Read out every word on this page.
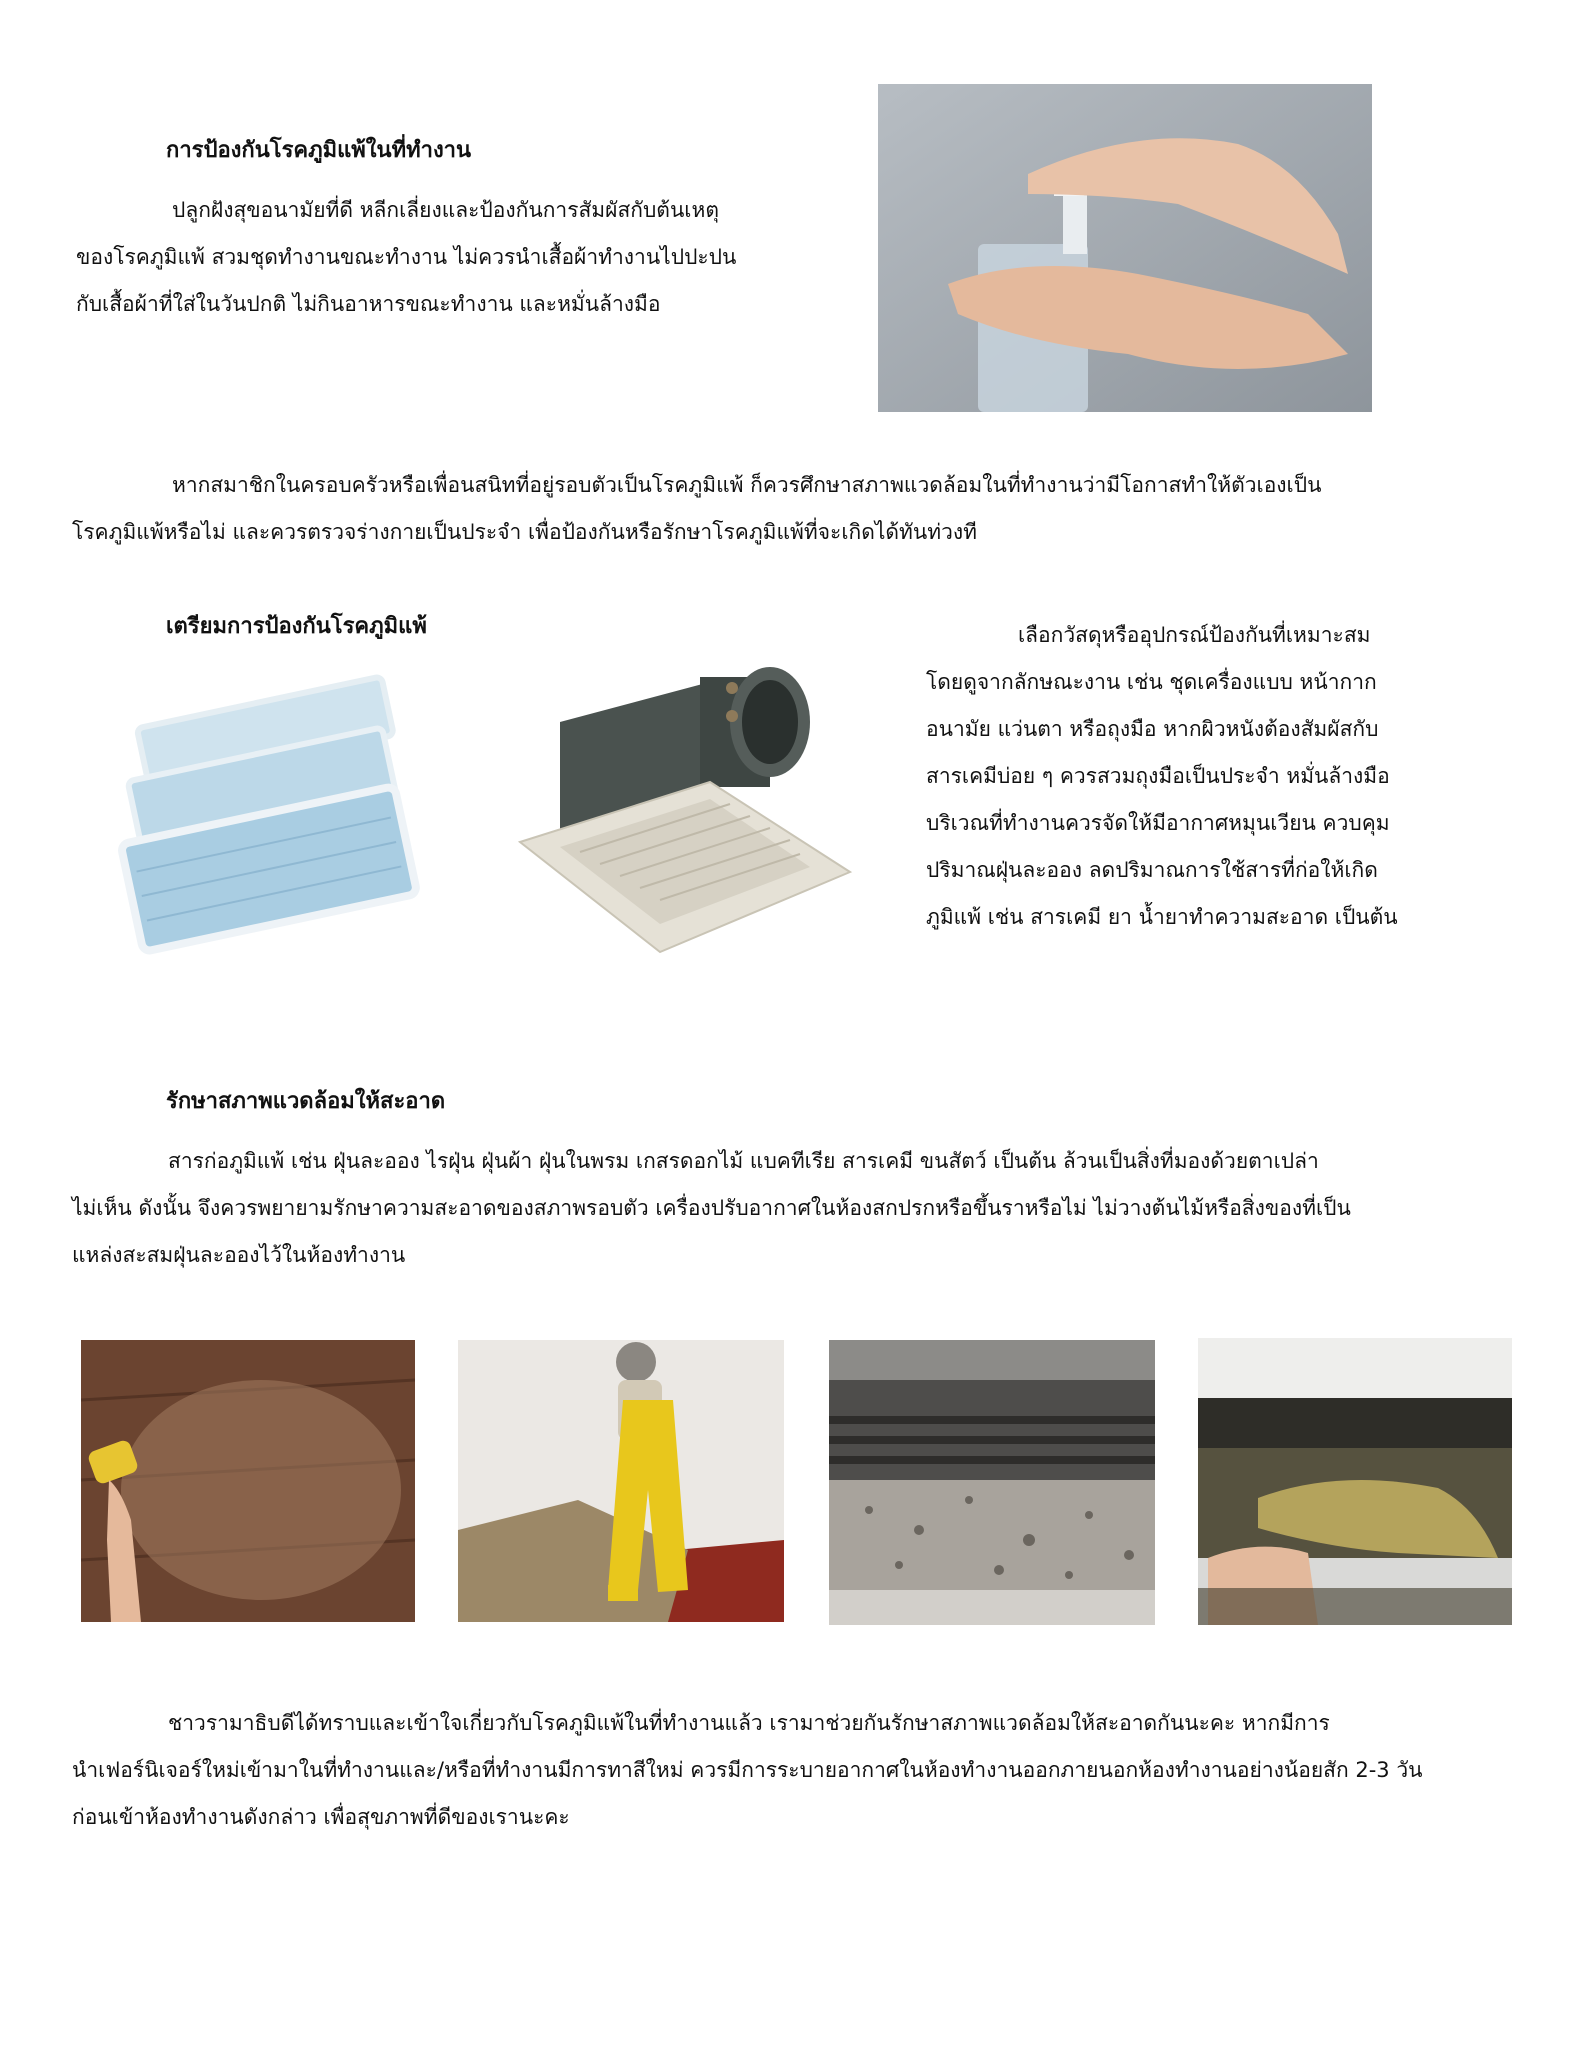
การป้องกันโรคภูมิแพ้ในที่ทำงาน

ปลูกฝังสุขอนามัยที่ดี หลีกเลี่ยงและป้องกันการสัมผัสกับต้นเหตุ

ของโรคภูมิแพ้ สวมชุดทำงานขณะทำงาน ไม่ควรนำเสื้อผ้าทำงานไปปะปน

กับเสื้อผ้าที่ใส่ในวันปกติ ไม่กินอาหารขณะทำงาน และหมั่นล้างมือ

หากสมาชิกในครอบครัวหรือเพื่อนสนิทที่อยู่รอบตัวเป็นโรคภูมิแพ้ ก็ควรศึกษาสภาพแวดล้อมในที่ทำงานว่ามีโอกาสทำให้ตัวเองเป็น

โรคภูมิแพ้หรือไม่ และควรตรวจร่างกายเป็นประจำ เพื่อป้องกันหรือรักษาโรคภูมิแพ้ที่จะเกิดได้ทันท่วงที

เตรียมการป้องกันโรคภูมิแพ้	เลือกวัสดุหรืออุปกรณ์ป้องกันที่เหมาะสม

โดยดูจากลักษณะงาน เช่น ชุดเครื่องแบบ หน้ากาก

อนามัย แว่นตา หรือถุงมือ หากผิวหนังต้องสัมผัสกับ

สารเคมีบ่อย ๆ ควรสวมถุงมือเป็นประจำ หมั่นล้างมือ

บริเวณที่ทำงานควรจัดให้มีอากาศหมุนเวียน ควบคุม

ปริมาณฝุ่นละออง ลดปริมาณการใช้สารที่ก่อให้เกิด

ภูมิแพ้ เช่น สารเคมี ยา น้ำยาทำความสะอาด เป็นต้น

รักษาสภาพแวดล้อมให้สะอาด

สารก่อภูมิแพ้ เช่น ฝุ่นละออง ไรฝุ่น ฝุ่นผ้า ฝุ่นในพรม เกสรดอกไม้ แบคทีเรีย สารเคมี ขนสัตว์ เป็นต้น ล้วนเป็นสิ่งที่มองด้วยตาเปล่า

ไม่เห็น ดังนั้น จึงควรพยายามรักษาความสะอาดของสภาพรอบตัว เครื่องปรับอากาศในห้องสกปรกหรือขึ้นราหรือไม่ ไม่วางต้นไม้หรือสิ่งของที่เป็น

แหล่งสะสมฝุ่นละอองไว้ในห้องทำงาน

ชาวรามาธิบดีได้ทราบและเข้าใจเกี่ยวกับโรคภูมิแพ้ในที่ทำงานแล้ว เรามาช่วยกันรักษาสภาพแวดล้อมให้สะอาดกันนะคะ หากมีการ

นำเฟอร์นิเจอร์ใหม่เข้ามาในที่ทำงานและ/หรือที่ทำงานมีการทาสีใหม่ ควรมีการระบายอากาศในห้องทำงานออกภายนอกห้องทำงานอย่างน้อยสัก 2-3 วัน

ก่อนเข้าห้องทำงานดังกล่าว เพื่อสุขภาพที่ดีของเรานะคะ
